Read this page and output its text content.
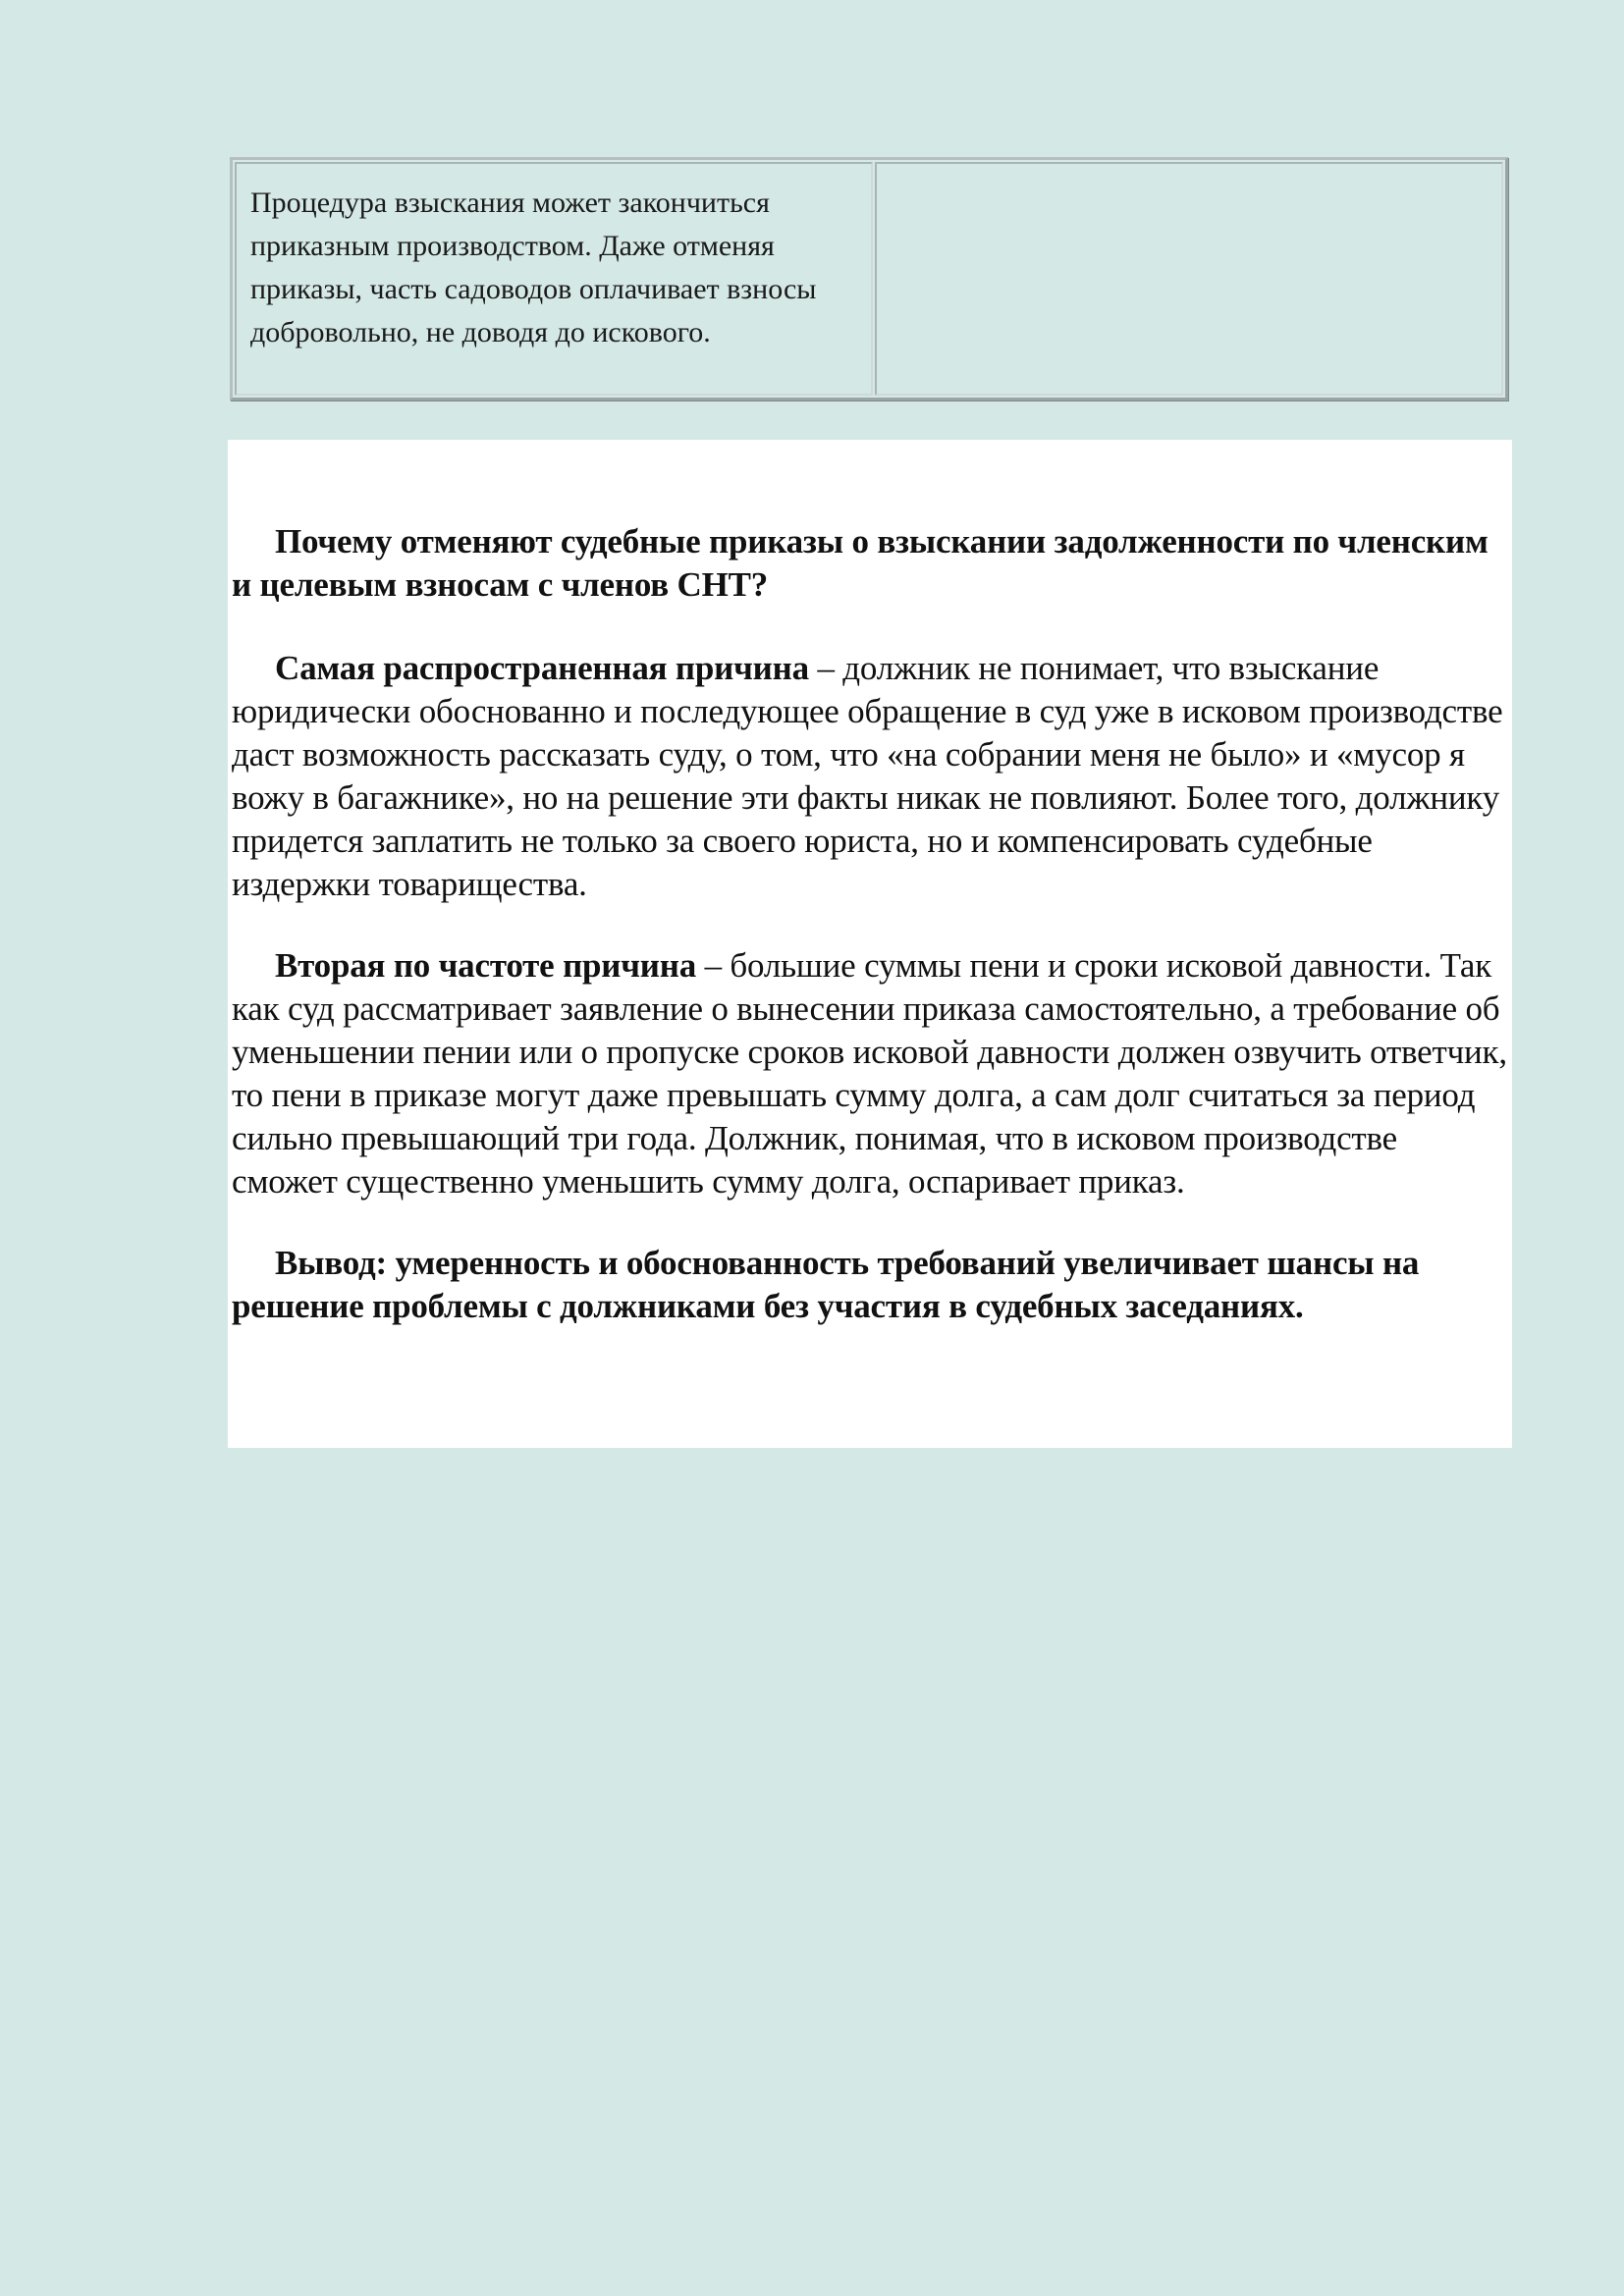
Процедура взыскания может закончиться приказным производством. Даже отменяя приказы, часть садоводов оплачивает взносы добровольно, не доводя до искового.

Почему отменяют судебные приказы о взыскании задолженности по членским и целевым взносам с членов СНТ?

Самая распространенная причина – должник не понимает, что взыскание юридически обоснованно и последующее обращение в суд уже в исковом производстве даст возможность рассказать суду, о том, что «на собрании меня не было» и «мусор я вожу в багажнике», но на решение эти факты никак не повлияют. Более того, должнику придется заплатить не только за своего юриста, но и компенсировать судебные издержки товарищества.

Вторая по частоте причина – большие суммы пени и сроки исковой давности. Так как суд рассматривает заявление о вынесении приказа самостоятельно, а требование об уменьшении пении или о пропуске сроков исковой давности должен озвучить ответчик, то пени в приказе могут даже превышать сумму долга, а сам долг считаться за период сильно превышающий три года. Должник, понимая, что в исковом производстве сможет существенно уменьшить сумму долга, оспаривает приказ.

Вывод: умеренность и обоснованность требований увеличивает шансы на решение проблемы с должниками без участия в судебных заседаниях.
